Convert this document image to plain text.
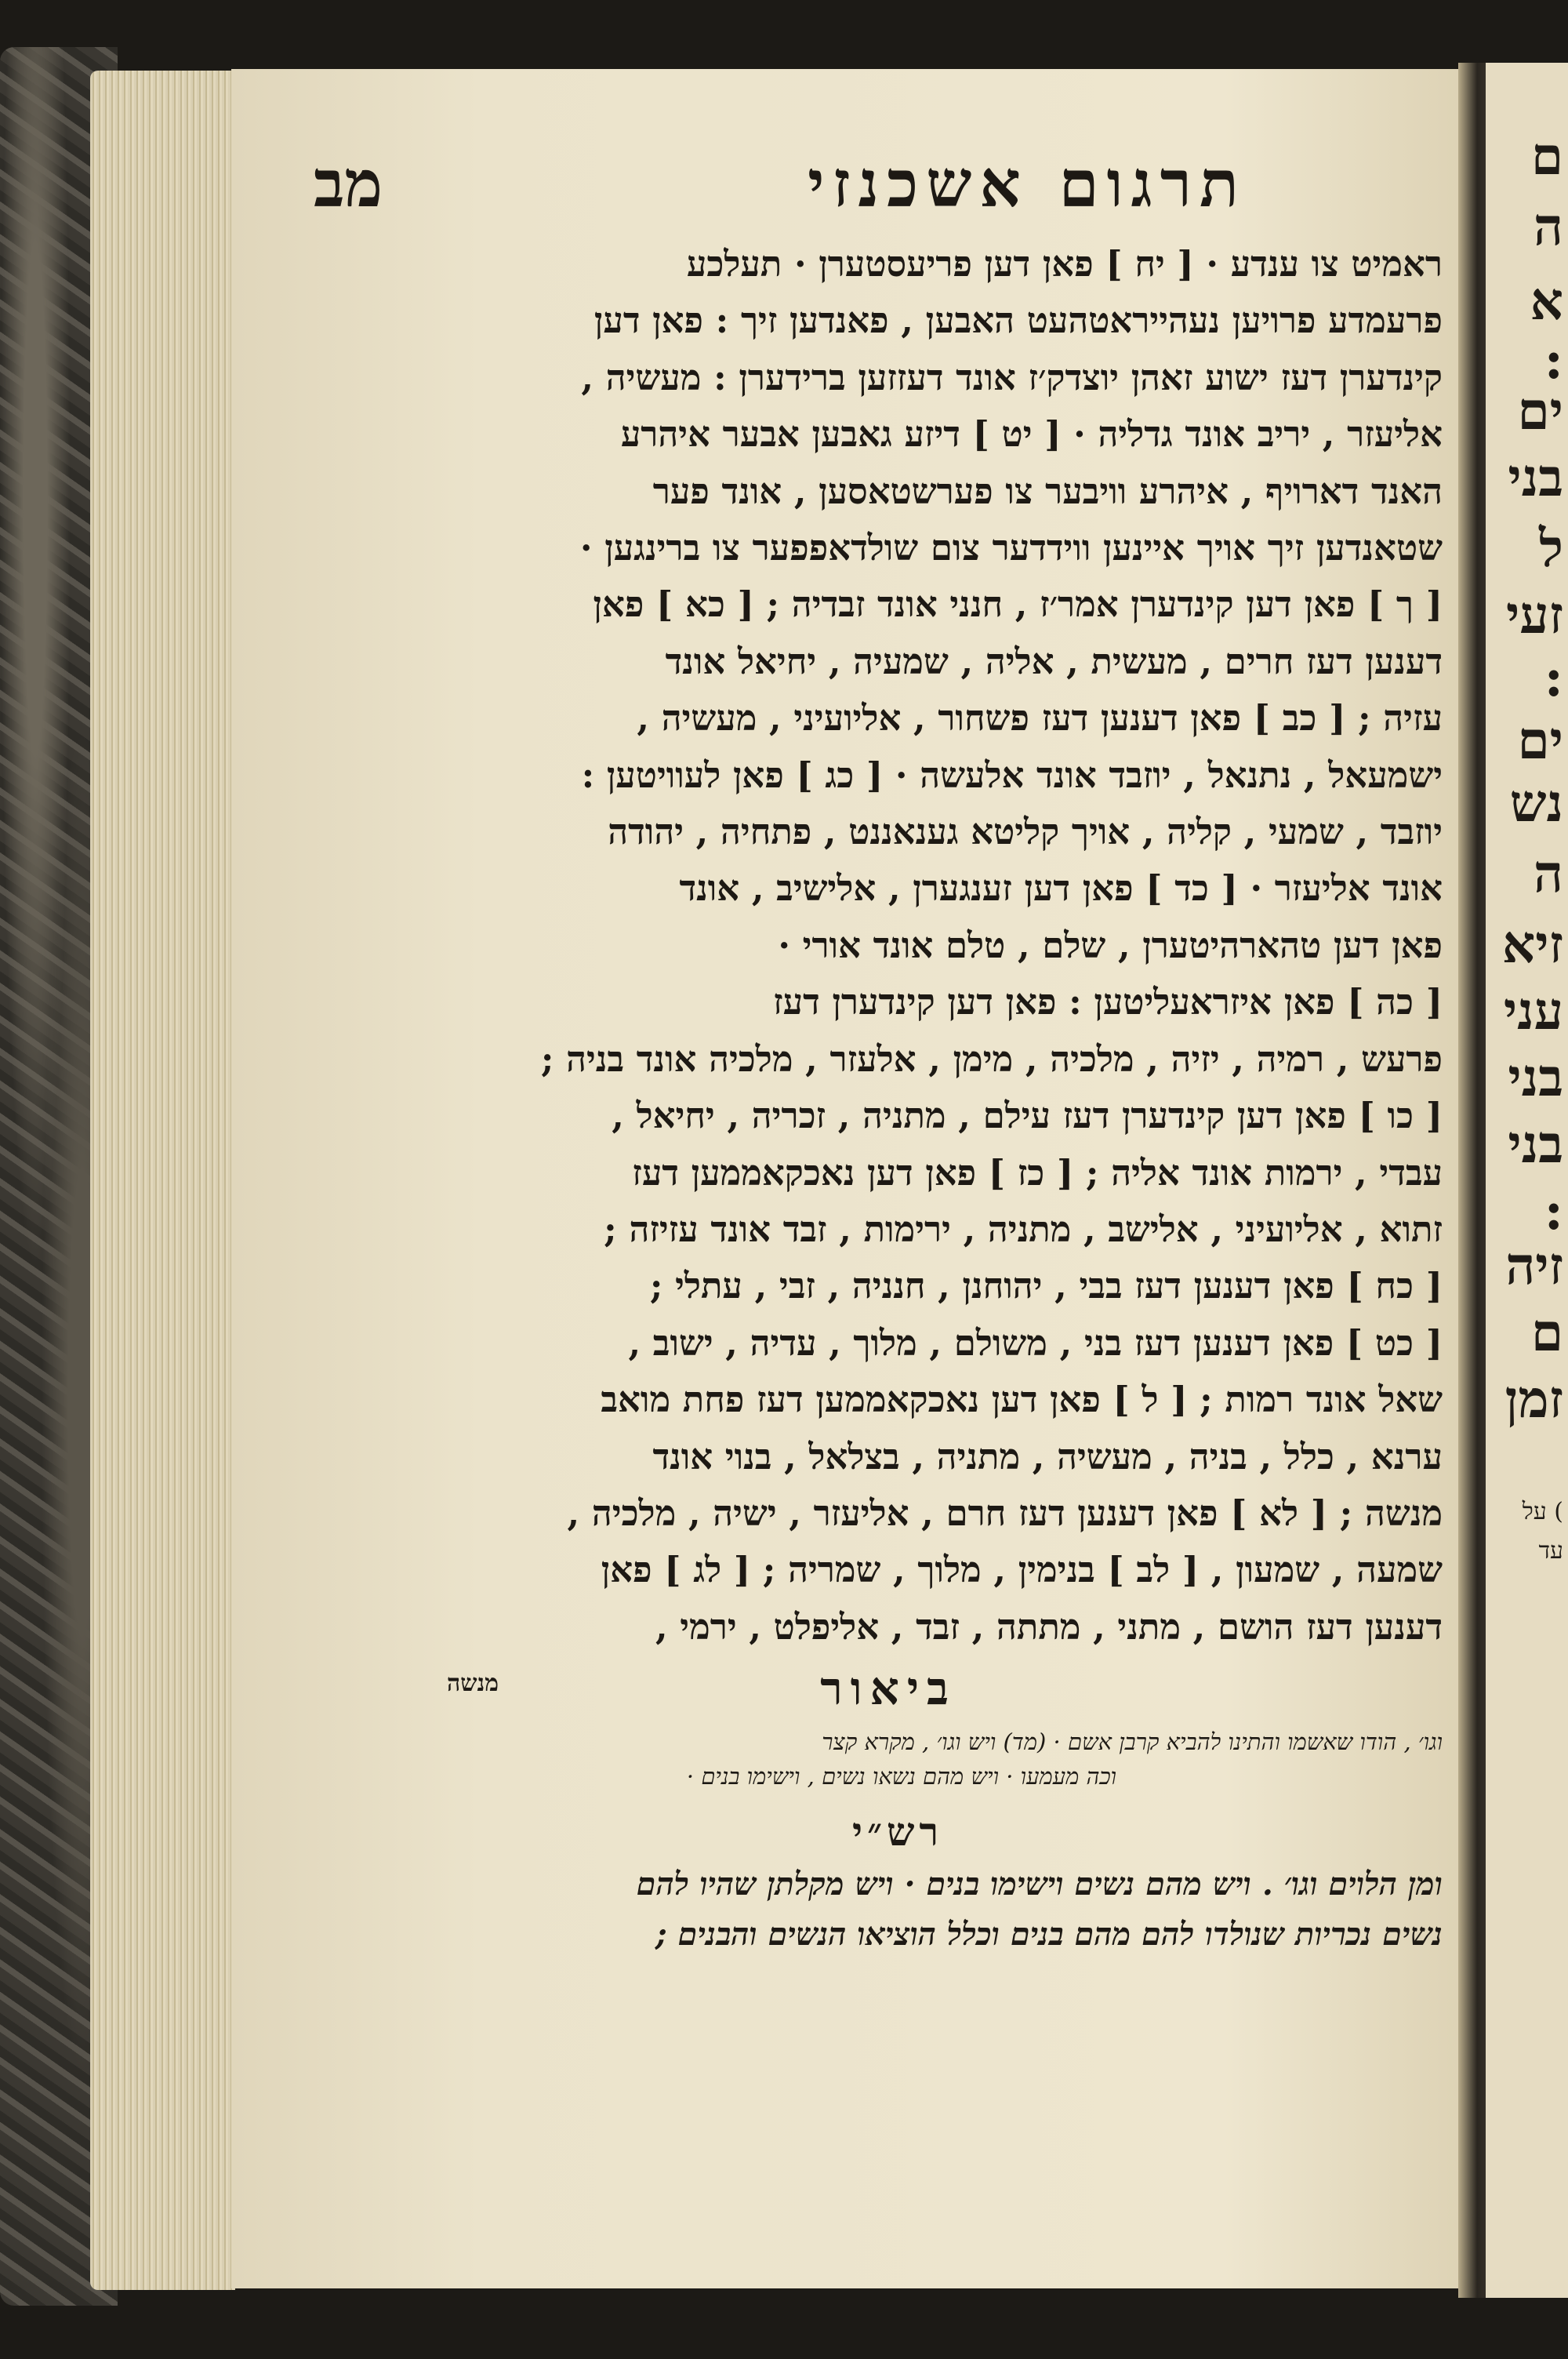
ם
ה
א
:
ים
בני
ל
זעי
:
ים
נש
ה
זיא
עני
בני
בני
:
זיה
ם
זמן
על (
עד
תרגום אשכנזי
מב
ראמיט צו ענדע · [ יח ] פאן דען פריעסטערן · תעלכע
פרעמדע פרויען נעהייראטהעט האבען , פאנדען זיך : פאן דען
קינדערן דעז ישוע זאהן יוצדק׳ז אונד דעזזען ברידערן : מעשיה ,
אליעזר , יריב אונד גדליה · [ יט ] דיזע גאבען אבער איהרע
האנד דארויף , איהרע וויבער צו פערשטאסען , אונד פער
שטאנדען זיך אויך איינען ווידדער צום שולדאפפער צו ברינגען ·
[ ך ] פאן דען קינדערן אמר׳ז , חנני אונד זבדיה ; [ כא ] פאן
דענען דעז חרים , מעשית , אליה , שמעיה , יחיאל אונד
עזיה ; [ כב ] פאן דענען דעז פשחור , אליועיני , מעשיה ,
ישמעאל , נתנאל , יוזבד אונד אלעשה · [ כג ] פאן לעוויטען :
יוזבד , שמעי , קליה , אויך קליטא גענאננט , פתחיה , יהודה
אונד אליעזר · [ כד ] פאן דען זענגערן , אלישיב , אונד
פאן דען טהארהיטערן , שלם , טלם אונד אורי ·
[ כה ] פאן איזראעליטען : פאן דען קינדערן דעז
פרעש , רמיה , יזיה , מלכיה , מימן , אלעזר , מלכיה אונד בניה ;
[ כו ] פאן דען קינדערן דעז עילם , מתניה , זכריה , יחיאל ,
עבדי , ירמות אונד אליה ; [ כז ] פאן דען נאכקאממען דעז
זתוא , אליועיני , אלישב , מתניה , ירימות , זבד אונד עזיזה ;
[ כח ] פאן דענען דעז בבי , יהוחנן , חנניה , זבי , עתלי ;
[ כט ] פאן דענען דעז בני , משולם , מלוך , עדיה , ישוב ,
שאל אונד רמות ; [ ל ] פאן דען נאכקאממען דעז פחת מואב
ערנא , כלל , בניה , מעשיה , מתניה , בצלאל , בנוי אונד
מנשה ; [ לא ] פאן דענען דעז חרם , אליעזר , ישיה , מלכיה ,
שמעה , שמעון , [ לב ] בנימין , מלוך , שמריה ; [ לג ] פאן
דענען דעז הושם , מתני , מתתה , זבד , אליפלט , ירמי ,
ביאור
מנשה
וגו׳ , הודו שאשמו והתינו להביא קרבן אשם · (מד) ויש וגו׳ , מקרא קצר
וכה מעמעו · ויש מהם נשאו נשים , וישימו בנים ·
רש״י
ומן הלוים וגו׳ . ויש מהם נשים וישימו בנים · ויש מקלתן שהיו להם
נשים נכריות שנולדו להם מהם בנים וכלל הוציאו הנשים והבנים ;
